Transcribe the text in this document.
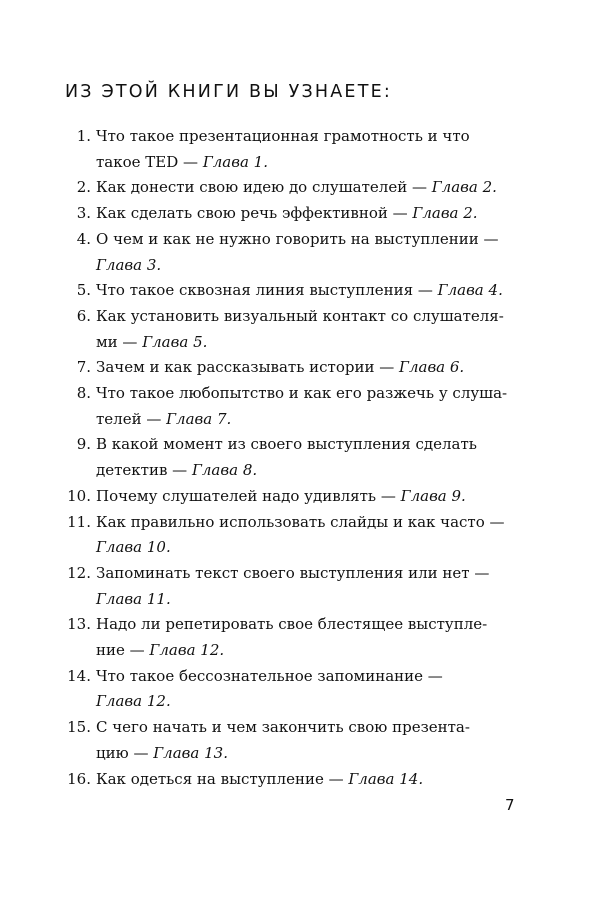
ИЗ ЭТОЙ КНИГИ ВЫ УЗНАЕТЕ:
1. Что такое презентационная грамотность и что
такое TED — Глава 1.
2. Как донести свою идею до слушателей — Глава 2.
3. Как сделать свою речь эффективной — Глава 2.
4. О чем и как не нужно говорить на выступлении —
Глава 3.
5. Что такое сквозная линия выступления — Глава 4.
6. Как установить визуальный контакт со слушателя-
ми — Глава 5.
7. Зачем и как рассказывать истории — Глава 6.
8. Что такое любопытство и как его разжечь у слуша-
телей — Глава 7.
9. В какой момент из своего выступления сделать
детектив — Глава 8.
10. Почему слушателей надо удивлять — Глава 9.
11. Как правильно использовать слайды и как часто —
Глава 10.
12. Запоминать текст своего выступления или нет —
Глава 11.
13. Надо ли репетировать свое блестящее выступле-
ние — Глава 12.
14. Что такое бессознательное запоминание —
Глава 12.
15. С чего начать и чем закончить свою презента-
цию — Глава 13.
16. Как одеться на выступление — Глава 14.
7
